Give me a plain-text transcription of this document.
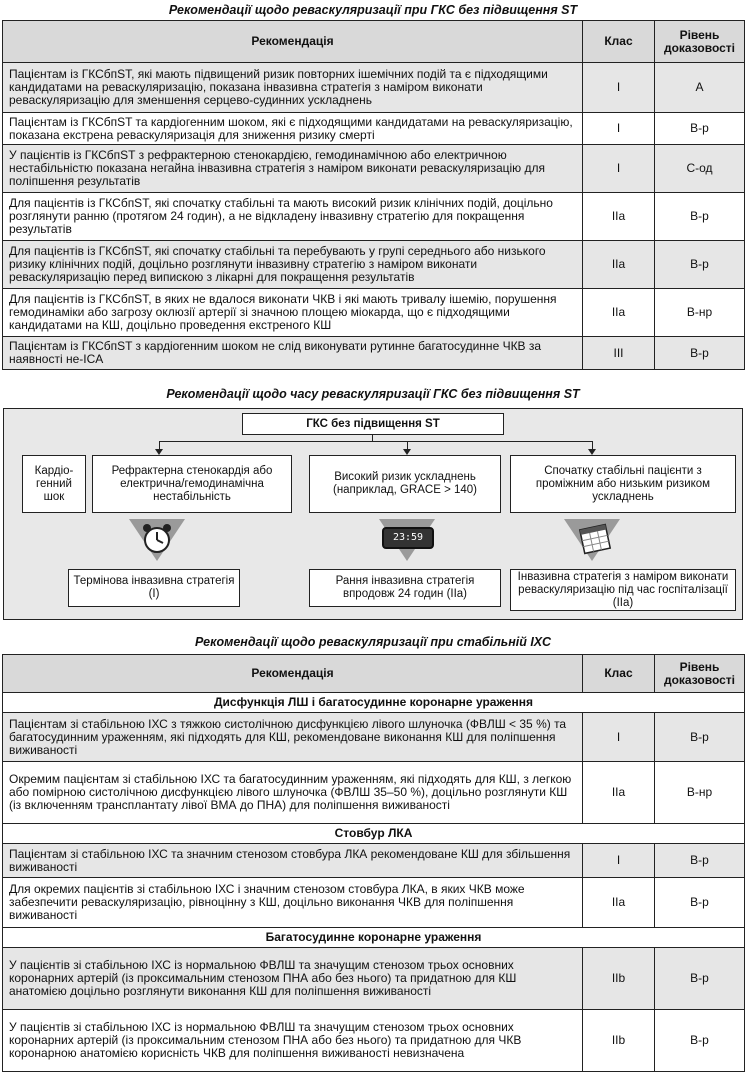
Рекомендації щодо реваскуляризації при ГКС без підвищення ST
Рекомендація	Клас	Рівень доказовості
Пацієнтам із ГКСбпST, які мають підвищений ризик повторних ішемічних подій та є підходящими кандидатами на реваскуляризацію, показана інвазивна стратегія з наміром виконати реваскуляризацію для зменшення серцево-судинних ускладнень	I	A
Пацієнтам із ГКСбпST та кардіогенним шоком, які є підходящими кандидатами на реваскуляризацію, показана екстрена реваскуляризація для зниження ризику смерті	I	B-р
У пацієнтів із ГКСбпST з рефрактерною стенокардією, гемодинамічною або електричною нестабільністю показана негайна інвазивна стратегія з наміром виконати реваскуляризацію для поліпшення результатів	I	C-од
Для пацієнтів із ГКСбпST, які спочатку стабільні та мають високий ризик клінічних подій, доцільно розглянути ранню (протягом 24 годин), а не відкладену інвазивну стратегію для покращення результатів	IIa	B-р
Для пацієнтів із ГКСбпST, які спочатку стабільні та перебувають у групі середнього або низького ризику клінічних подій, доцільно розглянути інвазивну стратегію з наміром виконати реваскуляризацію перед випискою з лікарні для покращення результатів	IIa	B-р
Для пацієнтів із ГКСбпST, в яких не вдалося виконати ЧКВ і які мають тривалу ішемію, порушення гемодинаміки або загрозу оклюзії артерії зі значною площею міокарда, що є підходящими кандидатами на КШ, доцільно проведення екстреного КШ	IIa	B-нр
Пацієнтам із ГКСбпST з кардіогенним шоком не слід виконувати рутинне багатосудинне ЧКВ за наявності не-ICA	III	B-р
Рекомендації щодо часу реваскуляризації ГКС без підвищення ST
ГКС без підвищення ST
Кардіо-генний шок
Рефрактерна стенокардія або електрична/гемодинамічна нестабільність
Високий ризик ускладнень (наприклад, GRACE > 140)
Спочатку стабільні пацієнти з проміжним або низьким ризиком ускладнень
23:59
Термінова інвазивна стратегія (I)
Рання інвазивна стратегія впродовж 24 годин (IIa)
Інвазивна стратегія з наміром виконати реваскуляризацію під час госпіталізації (IIa)
Рекомендації щодо реваскуляризації при стабільній ІХС
Рекомендація	Клас	Рівень доказовості
Дисфункція ЛШ і багатосудинне коронарне ураження		
Пацієнтам зі стабільною ІХС з тяжкою систолічною дисфункцією лівого шлуночка (ФВЛШ < 35 %) та багатосудинним ураженням, які підходять для КШ, рекомендоване виконання КШ для поліпшення виживаності	I	B-р
Окремим пацієнтам зі стабільною ІХС та багатосудинним ураженням, які підходять для КШ, з легкою або помірною систолічною дисфункцією лівого шлуночка (ФВЛШ 35–50 %), доцільно розглянути КШ (із включенням трансплантату лівої ВМА до ПНА) для поліпшення виживаності	IIa	B-нр
Стовбур ЛКА		
Пацієнтам зі стабільною ІХС та значним стенозом стовбура ЛКА рекомендоване КШ для збільшення виживаності	I	B-р
Для окремих пацієнтів зі стабільною ІХС і значним стенозом стовбура ЛКА, в яких ЧКВ може забезпечити реваскуляризацію, рівноцінну з КШ, доцільно виконання ЧКВ для поліпшення виживаності	IIa	B-р
Багатосудинне коронарне ураження		
У пацієнтів зі стабільною ІХС із нормальною ФВЛШ та значущим стенозом трьох основних коронарних артерій (із проксимальним стенозом ПНА або без нього) та придатною для КШ анатомією доцільно розглянути виконання КШ для поліпшення виживаності	IIb	B-р
У пацієнтів зі стабільною ІХС із нормальною ФВЛШ та значущим стенозом трьох основних коронарних артерій (із проксимальним стенозом ПНА або без нього) та придатною для ЧКВ коронарною анатомією корисність ЧКВ для поліпшення виживаності невизначена	IIb	B-р
